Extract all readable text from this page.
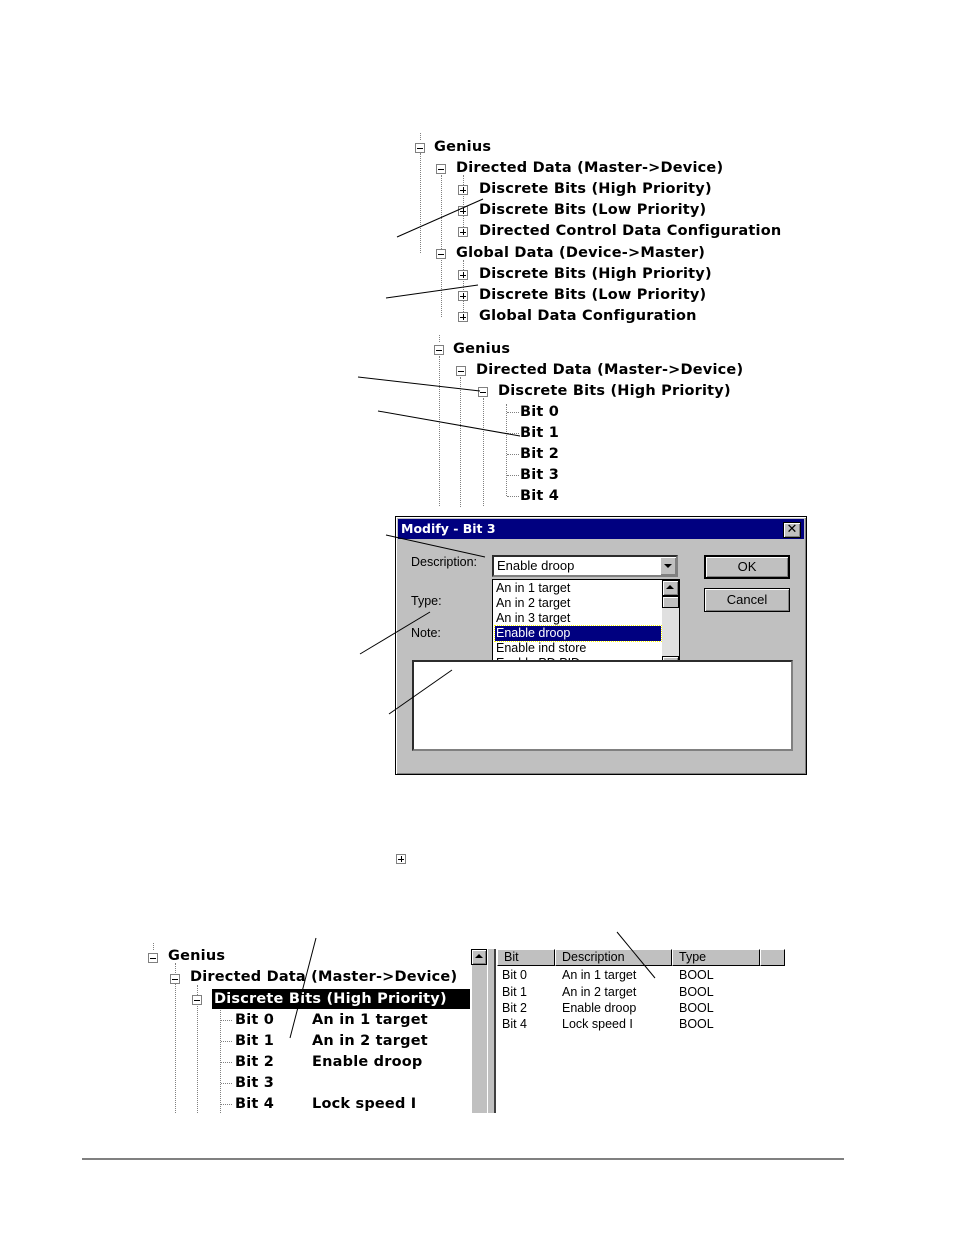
Genius
Directed Data (Master->Device)
Discrete Bits (High Priority)
Discrete Bits (Low Priority)
Directed Control Data Configuration
Global Data (Device->Master)
Discrete Bits (High Priority)
Discrete Bits (Low Priority)
Global Data Configuration
Genius
Directed Data (Master->Device)
Discrete Bits (High Priority)
Bit 0
Bit 1
Bit 2
Bit 3
Bit 4
Modify - Bit 3	✕
Description:
Type:
Note:
Enable droop
An in 1 target
An in 2 target
An in 3 target
Enable droop
Enable ind store
OK
Cancel
Genius
Directed Data (Master->Device)
Discrete Bits (High Priority)
Bit 0	An in 1 target
Bit 1	An in 2 target
Bit 2	Enable droop
Bit 3
Bit 4	Lock speed I
Bit	Description	Type
Bit 0	An in 1 target	BOOL
Bit 1	An in 2 target	BOOL
Bit 2	Enable droop	BOOL
Bit 4	Lock speed I	BOOL
